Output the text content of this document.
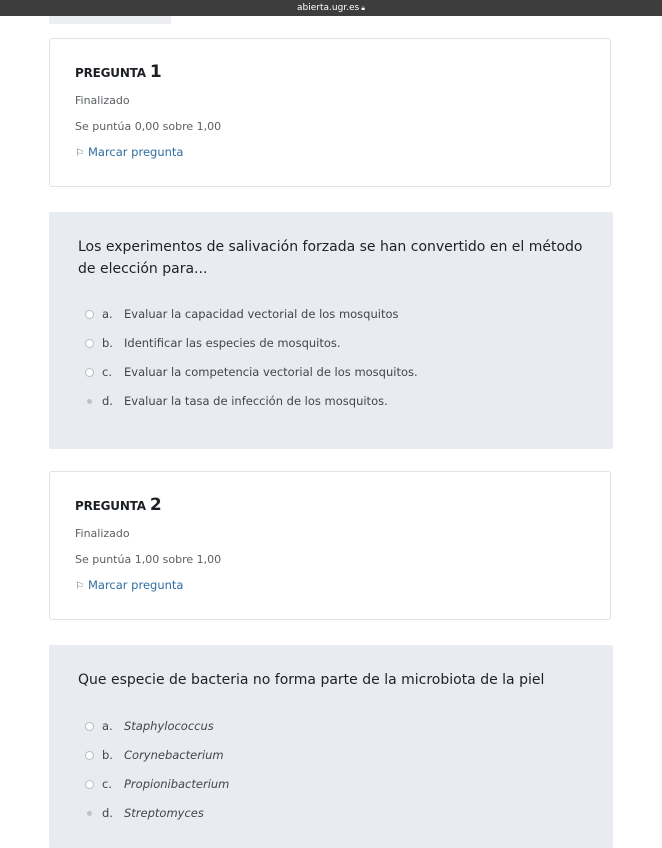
abierta.ugr.es 🔒︎
PREGUNTA 1
Finalizado
Se puntúa 0,00 sobre 1,00
⚐ Marcar pregunta
Los experimentos de salivación forzada se han convertido en el método de elección para...
a. Evaluar la capacidad vectorial de los mosquitos
b. Identificar las especies de mosquitos.
c.	Evaluar la competencia vectorial de los mosquitos.
d. Evaluar la tasa de infección de los mosquitos.
PREGUNTA 2
Finalizado
Se puntúa 1,00 sobre 1,00
⚐ Marcar pregunta
Que especie de bacteria no forma parte de la microbiota de la piel
a. Staphylococcus
b. Corynebacterium
c.	Propionibacterium
d. Streptomyces
